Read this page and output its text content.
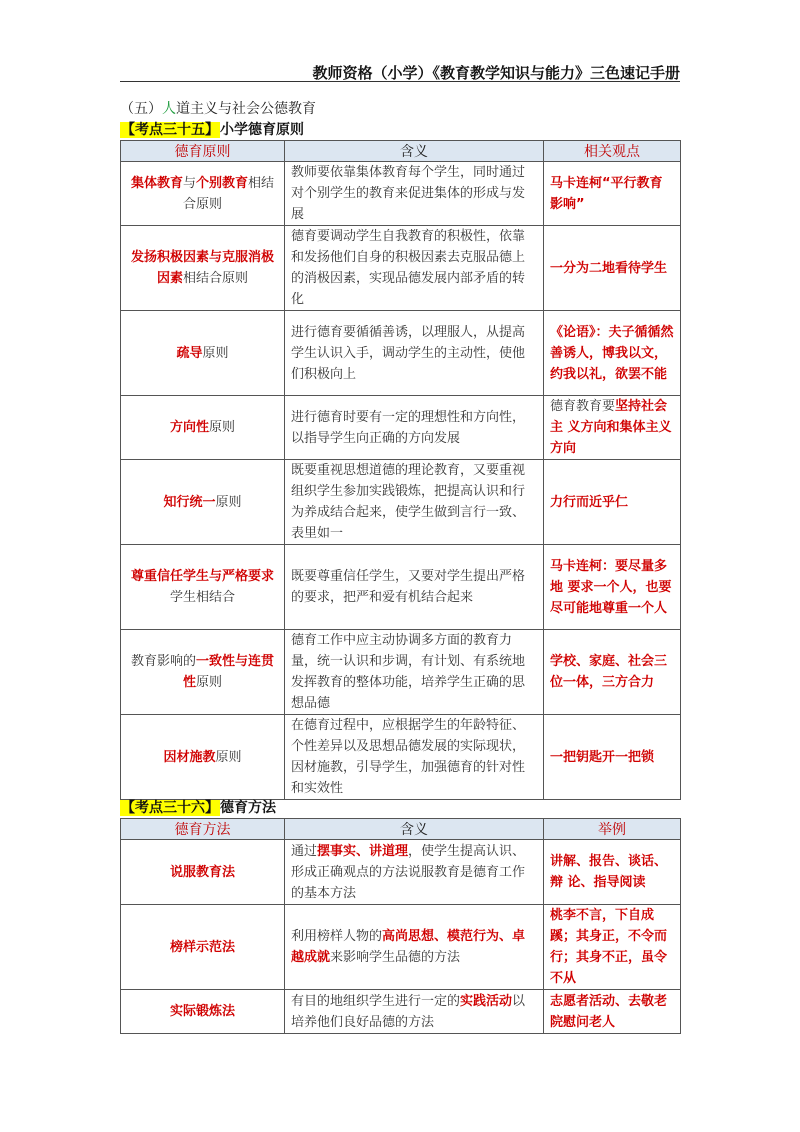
教师资格（小学）《教育教学知识与能力》三色速记手册
（五）人道主义与社会公德教育
【考点三十五】小学德育原则
德育原则	含义	相关观点
集体教育与个别教育相结合原则	教师要依靠集体教育每个学生，同时通过对个别学生的教育来促进集体的形成与发展	马卡连柯“平行教育影响”
发扬积极因素与克服消极因素相结合原则	德育要调动学生自我教育的积极性，依靠和发扬他们自身的积极因素去克服品德上的消极因素，实现品德发展内部矛盾的转化	一分为二地看待学生
疏导原则	进行德育要循循善诱，以理服人，从提高学生认识入手，调动学生的主动性，使他们积极向上	《论语》：夫子循循然善诱人，博我以文，约我以礼，欲罢不能
方向性原则	进行德育时要有一定的理想性和方向性，以指导学生向正确的方向发展	德育教育要坚持社会主 义方向和集体主义方向
知行统一原则	既要重视思想道德的理论教育，又要重视组织学生参加实践锻炼，把提高认识和行为养成结合起来，使学生做到言行一致、表里如一	力行而近乎仁
尊重信任学生与严格要求学生相结合	既要尊重信任学生，又要对学生提出严格的要求，把严和爱有机结合起来	马卡连柯：要尽量多地 要求一个人，也要尽可能地尊重一个人
教育影响的一致性与连贯性原则	德育工作中应主动协调多方面的教育力量，统一认识和步调，有计划、有系统地发挥教育的整体功能，培养学生正确的思想品德	学校、家庭、社会三位一体，三方合力
因材施教原则	在德育过程中，应根据学生的年龄特征、个性差异以及思想品德发展的实际现状，因材施教，引导学生，加强德育的针对性和实效性	一把钥匙开一把锁
【考点三十六】德育方法
德育方法	含义	举例
说服教育法	通过摆事实、讲道理，使学生提高认识、形成正确观点的方法说服教育是德育工作的基本方法	讲解、报告、谈话、辩 论、指导阅读
榜样示范法	利用榜样人物的高尚思想、模范行为、卓越成就来影响学生品德的方法	桃李不言，下自成蹊；其身正，不令而行；其身不正，虽令不从
实际锻炼法	有目的地组织学生进行一定的实践活动以培养他们良好品德的方法	志愿者活动、去敬老院慰问老人
